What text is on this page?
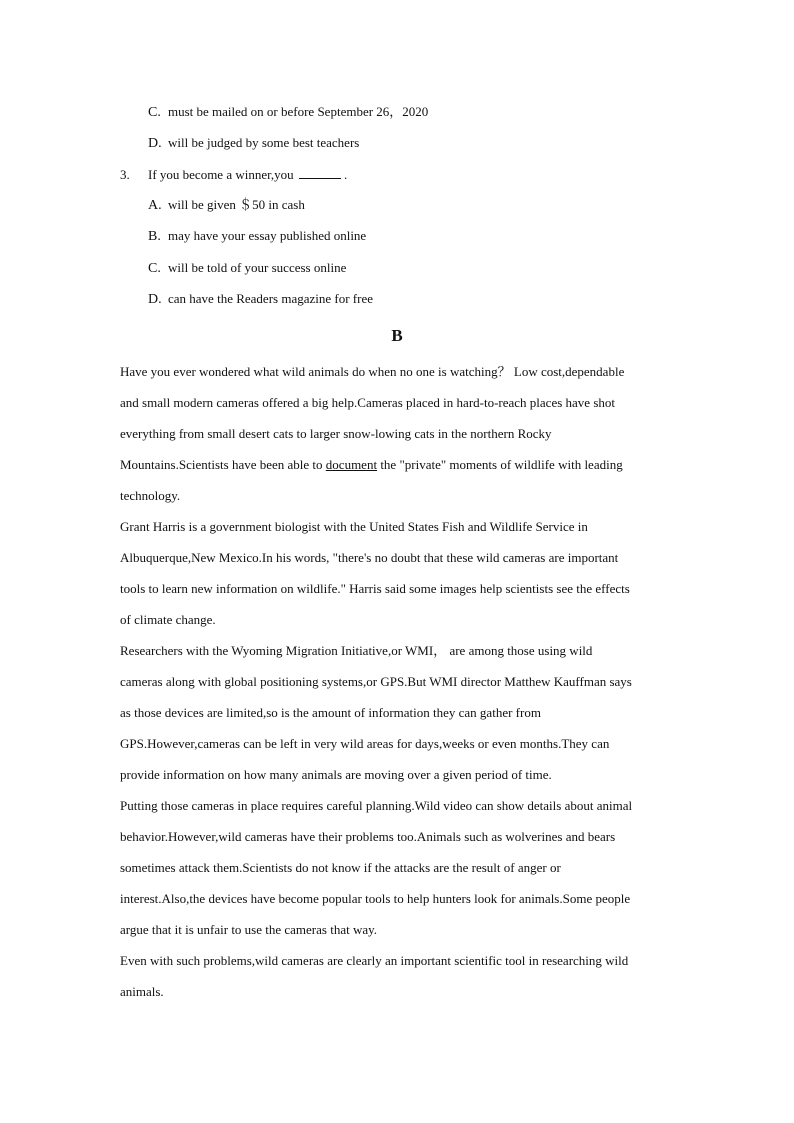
C. must be mailed on or before September 26，2020
D. will be judged by some best teachers
3. If you become a winner,you	.
A. will be given ＄50 in cash
B. may have your essay published online
C. will be told of your success online
D. can have the Readers magazine for free
B
Have you ever wondered what wild animals do when no one is watching？ Low cost,dependable
and small modern cameras offered a big help.Cameras placed in hard-to-reach places have shot
everything from small desert cats to larger snow-lowing cats in the northern Rocky
Mountains.Scientists have been able to document the "private" moments of wildlife with leading
technology.
Grant Harris is a government biologist with the United States Fish and Wildlife Service in
Albuquerque,New Mexico.In his words, "there's no doubt that these wild cameras are important
tools to learn new information on wildlife." Harris said some images help scientists see the effects
of climate change.
Researchers with the Wyoming Migration Initiative,or WMI， are among those using wild
cameras along with global positioning systems,or GPS.But WMI director Matthew Kauffman says
as those devices are limited,so is the amount of information they can gather from
GPS.However,cameras can be left in very wild areas for days,weeks or even months.They can
provide information on how many animals are moving over a given period of time.
Putting those cameras in place requires careful planning.Wild video can show details about animal
behavior.However,wild cameras have their problems too.Animals such as wolverines and bears
sometimes attack them.Scientists do not know if the attacks are the result of anger or
interest.Also,the devices have become popular tools to help hunters look for animals.Some people
argue that it is unfair to use the cameras that way.
Even with such problems,wild cameras are clearly an important scientific tool in researching wild
animals.
